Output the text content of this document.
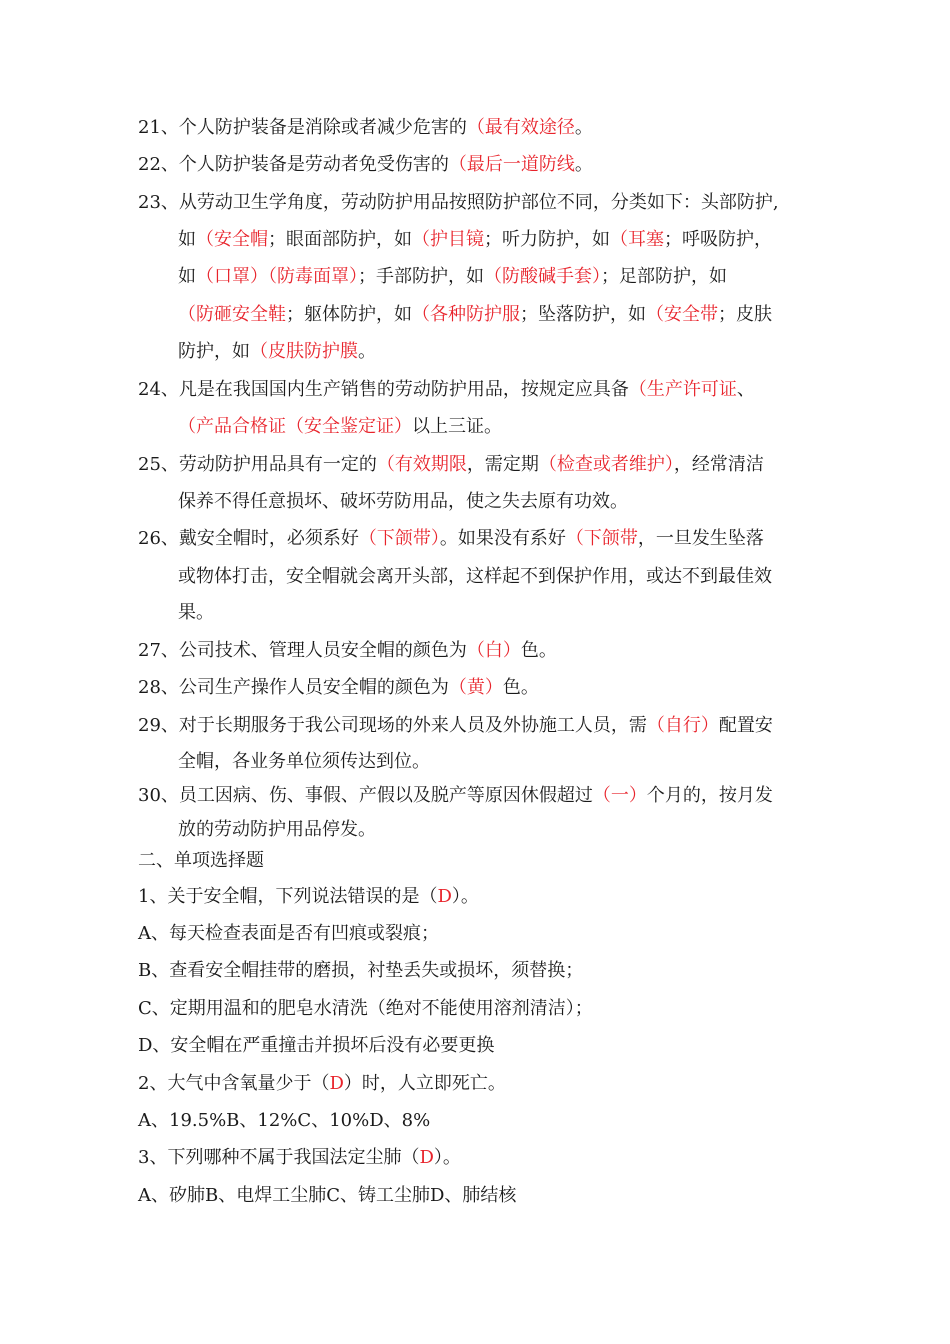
21、个人防护装备是消除或者减少危害的（最有效途径。
22、个人防护装备是劳动者免受伤害的（最后一道防线。
23、从劳动卫生学角度，劳动防护用品按照防护部位不同，分类如下：头部防护,
如（安全帽；眼面部防护，如（护目镜；听力防护，如（耳塞；呼吸防护，
如（口罩）（防毒面罩）；手部防护，如（防酸碱手套）；足部防护，如
（防砸安全鞋；躯体防护，如（各种防护服；坠落防护，如（安全带；皮肤
防护，如（皮肤防护膜。
24、凡是在我国国内生产销售的劳动防护用品，按规定应具备（生产许可证、
（产品合格证（安全鉴定证）以上三证。
25、劳动防护用品具有一定的（有效期限，需定期（检查或者维护），经常清洁
保养不得任意损坏、破坏劳防用品，使之失去原有功效。
26、戴安全帽时，必须系好（下颌带）。如果没有系好（下颌带，一旦发生坠落
或物体打击，安全帽就会离开头部，这样起不到保护作用，或达不到最佳效
果。
27、公司技术、管理人员安全帽的颜色为（白）色。
28、公司生产操作人员安全帽的颜色为（黄）色。
29、对于长期服务于我公司现场的外来人员及外协施工人员，需（自行）配置安
全帽，各业务单位须传达到位。
30、员工因病、伤、事假、产假以及脱产等原因休假超过（一）个月的，按月发
放的劳动防护用品停发。
二、单项选择题
1、关于安全帽，下列说法错误的是（D）。
A、每天检查表面是否有凹痕或裂痕；
B、查看安全帽挂带的磨损，衬垫丢失或损坏，须替换；
C、定期用温和的肥皂水清洗（绝对不能使用溶剂清洁）；
D、安全帽在严重撞击并损坏后没有必要更换
2、大气中含氧量少于（D）时，人立即死亡。
A、19.5%B、12%C、10%D、8%
3、下列哪种不属于我国法定尘肺（D）。
A、矽肺B、电焊工尘肺C、铸工尘肺D、肺结核
